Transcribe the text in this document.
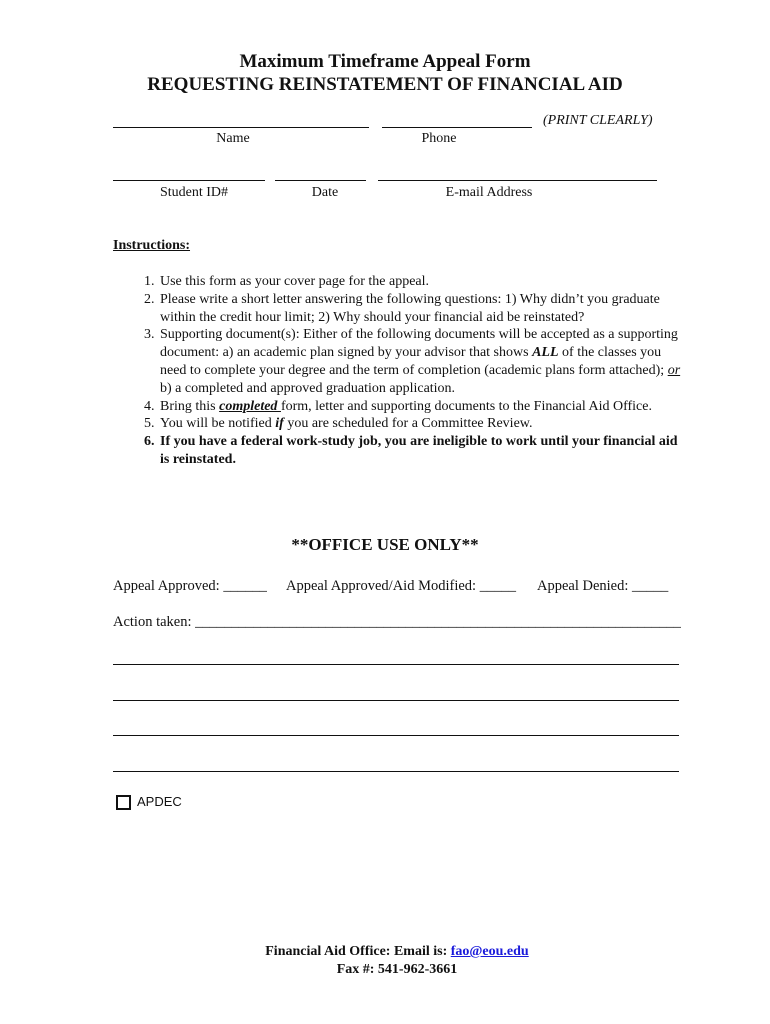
Maximum Timeframe Appeal Form
REQUESTING REINSTATEMENT OF FINANCIAL AID
(PRINT CLEARLY)
Name	Phone
Student ID#	Date	E-mail Address
Instructions:
1. Use this form as your cover page for the appeal.
2. Please write a short letter answering the following questions: 1) Why didn’t you graduate within the credit hour limit; 2) Why should your financial aid be reinstated?
3. Supporting document(s): Either of the following documents will be accepted as a supporting document: a) an academic plan signed by your advisor that shows ALL of the classes you need to complete your degree and the term of completion (academic plans form attached); or b) a completed and approved graduation application.
4. Bring this completed form, letter and supporting documents to the Financial Aid Office.
5. You will be notified if you are scheduled for a Committee Review.
6. If you have a federal work-study job, you are ineligible to work until your financial aid is reinstated.
**OFFICE USE ONLY**
Appeal Approved: ______ Appeal Approved/Aid Modified: _____ Appeal Denied: _____
Action taken: ___________________________________________________________________
APDEC
Financial Aid Office: Email is: fao@eou.edu
Fax #: 541-962-3661
